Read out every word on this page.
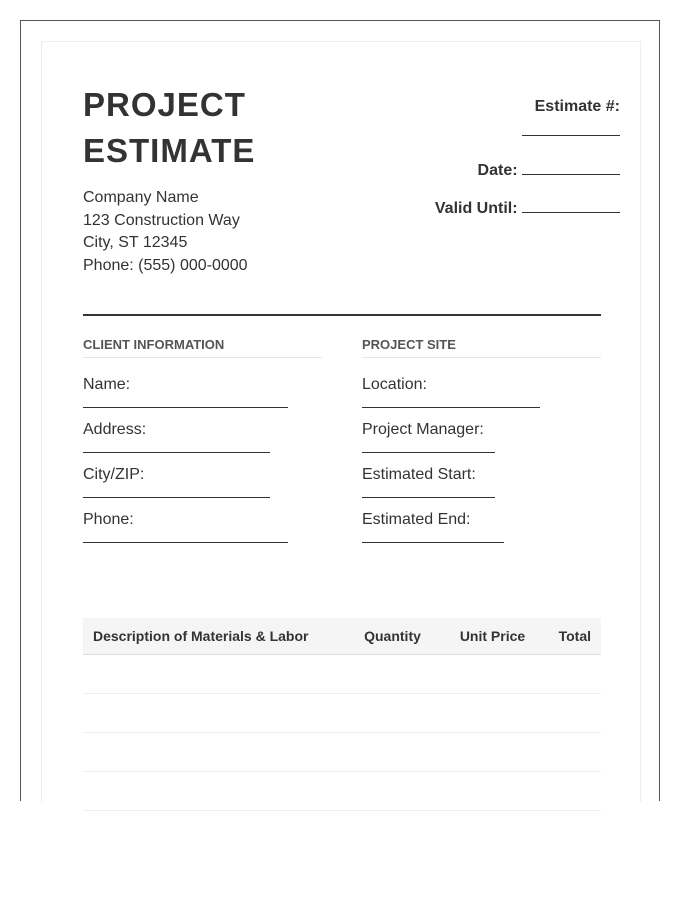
PROJECT
ESTIMATE
Company Name
123 Construction Way
City, ST 12345
Phone: (555) 000-0000
Estimate #:
Date:
Valid Until:
CLIENT INFORMATION
Name:
Address:
City/ZIP:
Phone:
PROJECT SITE
Location:
Project Manager:
Estimated Start:
Estimated End:
Description of Materials & Labor	Quantity	Unit Price	Total
